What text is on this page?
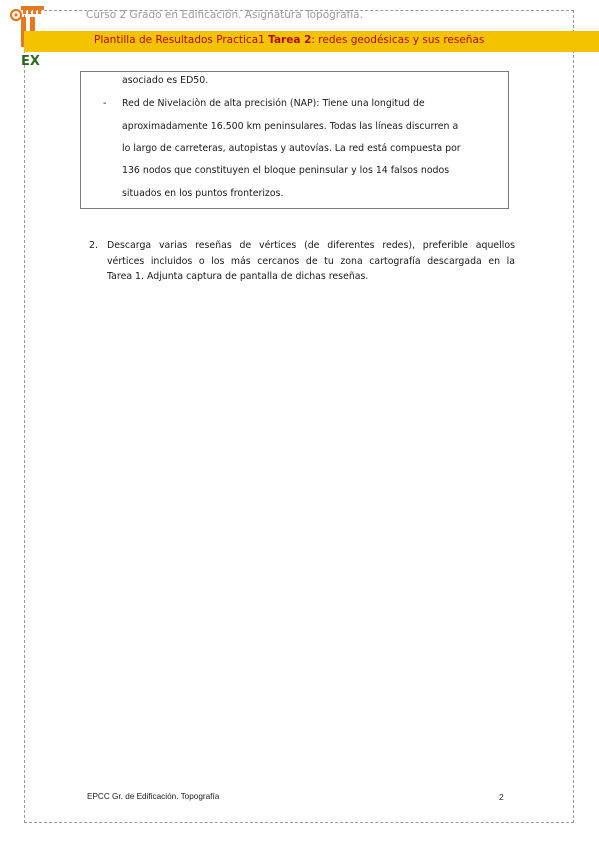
EX
Curso 2 Grado en Edificación. Asignatura Topografía.
Plantilla de Resultados Practica1 Tarea 2: redes geodésicas y sus reseñas
asociado es ED50.
- Red de Nivelaciòn de alta precisión (NAP): Tiene una longitud de
aproximadamente 16.500 km peninsulares. Todas las líneas discurren a
lo largo de carreteras, autopistas y autovías. La red está compuesta por
136 nodos que constituyen el bloque peninsular y los 14 falsos nodos
situados en los puntos fronterizos.
2. Descarga varias reseñas de vértices (de diferentes redes), preferible aquellos
vértices incluidos o los más cercanos de tu zona cartografía descargada en la
Tarea 1. Adjunta captura de pantalla de dichas reseñas.
EPCC Gr. de Edificación. Topografía	2
